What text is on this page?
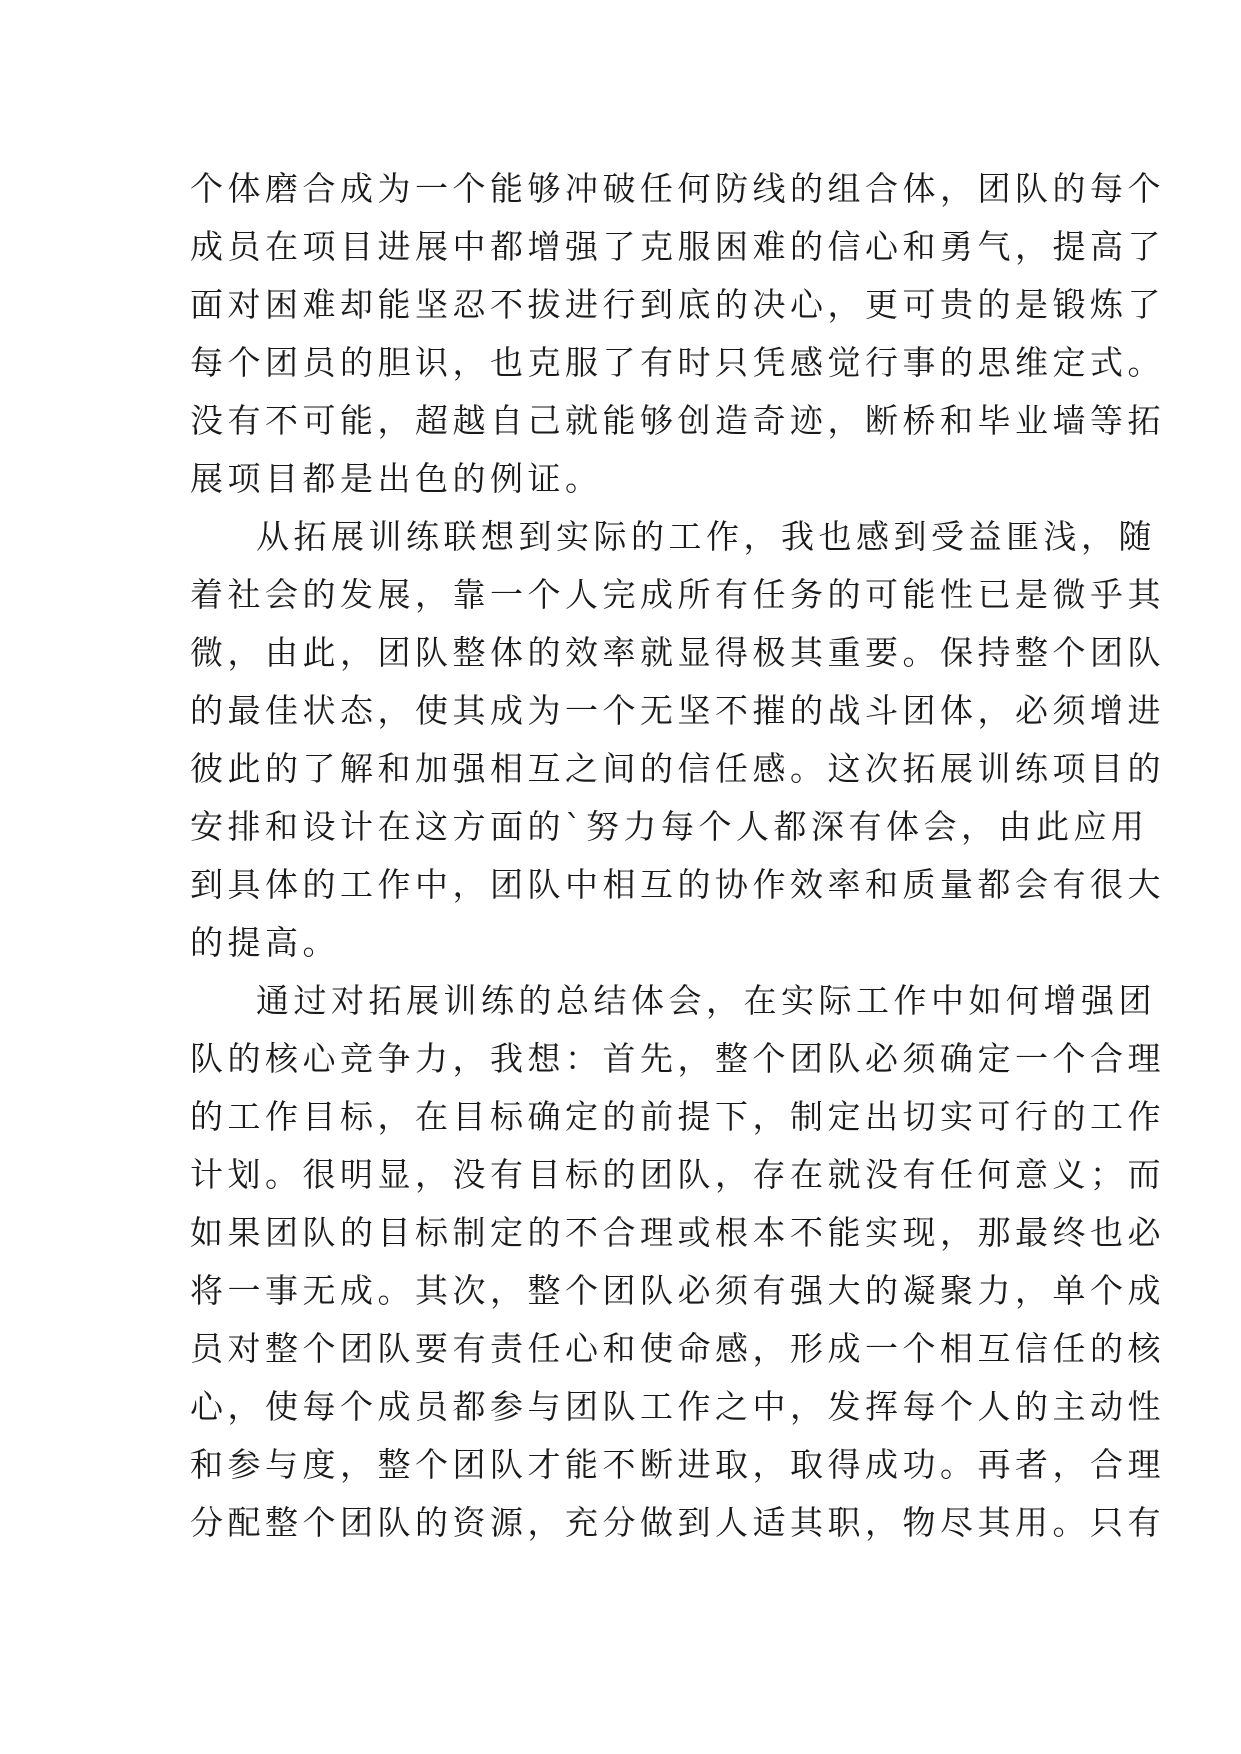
个体磨合成为一个能够冲破任何防线的组合体，团队的每个
成员在项目进展中都增强了克服困难的信心和勇气，提高了
面对困难却能坚忍不拔进行到底的决心，更可贵的是锻炼了
每个团员的胆识，也克服了有时只凭感觉行事的思维定式。
没有不可能，超越自己就能够创造奇迹，断桥和毕业墙等拓
展项目都是出色的例证。
从拓展训练联想到实际的工作，我也感到受益匪浅，随
着社会的发展，靠一个人完成所有任务的可能性已是微乎其
微，由此，团队整体的效率就显得极其重要。保持整个团队
的最佳状态，使其成为一个无坚不摧的战斗团体，必须增进
彼此的了解和加强相互之间的信任感。这次拓展训练项目的
安排和设计在这方面的`努力每个人都深有体会，由此应用
到具体的工作中，团队中相互的协作效率和质量都会有很大
的提高。
通过对拓展训练的总结体会，在实际工作中如何增强团
队的核心竞争力，我想：首先，整个团队必须确定一个合理
的工作目标，在目标确定的前提下，制定出切实可行的工作
计划。很明显，没有目标的团队，存在就没有任何意义；而
如果团队的目标制定的不合理或根本不能实现，那最终也必
将一事无成。其次，整个团队必须有强大的凝聚力，单个成
员对整个团队要有责任心和使命感，形成一个相互信任的核
心，使每个成员都参与团队工作之中，发挥每个人的主动性
和参与度，整个团队才能不断进取，取得成功。再者，合理
分配整个团队的资源，充分做到人适其职，物尽其用。只有
